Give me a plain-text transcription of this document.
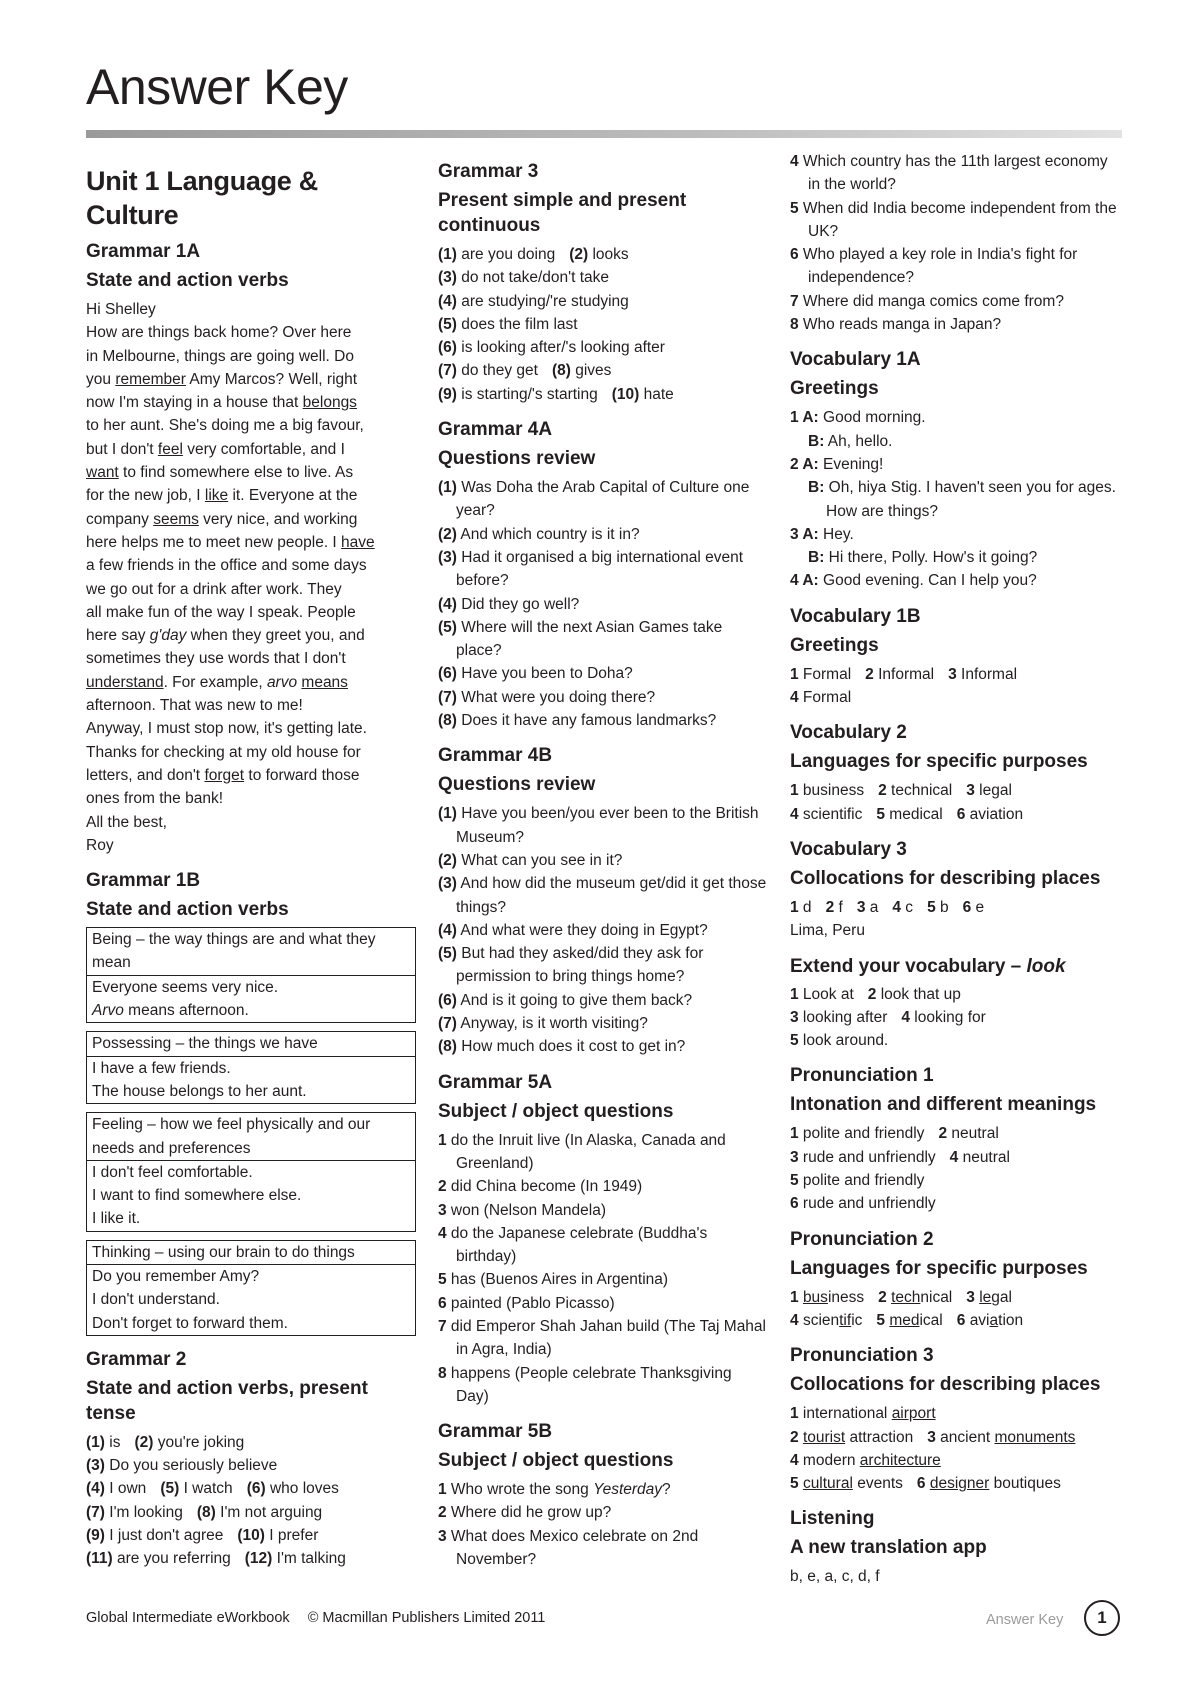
Answer Key
Unit 1 Language & Culture
Grammar 1A
State and action verbs

Hi Shelley

How are things back home? Over here

in Melbourne, things are going well. Do

you remember Amy Marcos? Well, right

now I'm staying in a house that belongs

to her aunt. She's doing me a big favour,

but I don't feel very comfortable, and I

want to find somewhere else to live. As

for the new job, I like it. Everyone at the

company seems very nice, and working

here helps me to meet new people. I have

a few friends in the office and some days

we go out for a drink after work. They

all make fun of the way I speak. People

here say g'day when they greet you, and

sometimes they use words that I don't

understand. For example, arvo means

afternoon. That was new to me!

Anyway, I must stop now, it's getting late.

Thanks for checking at my old house for

letters, and don't forget to forward those

ones from the bank!

All the best,

Roy

Grammar 1B
State and action verbs
Being – the way things are and what they mean
Everyone seems very nice.
Arvo means afternoon.
Possessing – the things we have
I have a few friends.
The house belongs to her aunt.
Feeling – how we feel physically and our needs and preferences
I don't feel comfortable.
I want to find somewhere else.
I like it.
Thinking – using our brain to do things
Do you remember Amy?
I don't understand.
Don't forget to forward them.
Grammar 2
State and action verbs, present tense

(1) is (2) you're joking

(3) Do you seriously believe

(4) I own (5) I watch (6) who loves

(7) I'm looking (8) I'm not arguing

(9) I just don't agree (10) I prefer

(11) are you referring (12) I'm talking

Grammar 3
Present simple and present continuous

(1) are you doing (2) looks

(3) do not take/don't take

(4) are studying/'re studying

(5) does the film last

(6) is looking after/'s looking after

(7) do they get (8) gives

(9) is starting/'s starting (10) hate

Grammar 4A
Questions review

(1) Was Doha the Arab Capital of Culture one year?

(2) And which country is it in?

(3) Had it organised a big international event before?

(4) Did they go well?

(5) Where will the next Asian Games take place?

(6) Have you been to Doha?

(7) What were you doing there?

(8) Does it have any famous landmarks?

Grammar 4B
Questions review

(1) Have you been/you ever been to the British Museum?

(2) What can you see in it?

(3) And how did the museum get/did it get those things?

(4) And what were they doing in Egypt?

(5) But had they asked/did they ask for permission to bring things home?

(6) And is it going to give them back?

(7) Anyway, is it worth visiting?

(8) How much does it cost to get in?

Grammar 5A
Subject / object questions

1 do the Inruit live (In Alaska, Canada and Greenland)

2 did China become (In 1949)

3 won (Nelson Mandela)

4 do the Japanese celebrate (Buddha's birthday)

5 has (Buenos Aires in Argentina)

6 painted (Pablo Picasso)

7 did Emperor Shah Jahan build (The Taj Mahal in Agra, India)

8 happens (People celebrate Thanksgiving Day)

Grammar 5B
Subject / object questions

1 Who wrote the song Yesterday?

2 Where did he grow up?

3 What does Mexico celebrate on 2nd November?

4 Which country has the 11th largest economy in the world?

5 When did India become independent from the UK?

6 Who played a key role in India's fight for independence?

7 Where did manga comics come from?

8 Who reads manga in Japan?

Vocabulary 1A
Greetings

1 A: Good morning.

B: Ah, hello.

2 A: Evening!

B: Oh, hiya Stig. I haven't seen you for ages. How are things?

3 A: Hey.

B: Hi there, Polly. How's it going?

4 A: Good evening. Can I help you?

Vocabulary 1B
Greetings

1 Formal 2 Informal 3 Informal

4 Formal

Vocabulary 2
Languages for specific purposes

1 business 2 technical 3 legal

4 scientific 5 medical 6 aviation

Vocabulary 3
Collocations for describing places

1 d 2 f 3 a 4 c 5 b 6 e

Lima, Peru

Extend your vocabulary – look

1 Look at 2 look that up

3 looking after 4 looking for

5 look around.

Pronunciation 1
Intonation and different meanings

1 polite and friendly 2 neutral

3 rude and unfriendly 4 neutral

5 polite and friendly

6 rude and unfriendly

Pronunciation 2
Languages for specific purposes

1 business 2 technical 3 legal

4 scientific 5 medical 6 aviation

Pronunciation 3
Collocations for describing places

1 international airport

2 tourist attraction 3 ancient monuments

4 modern architecture

5 cultural events 6 designer boutiques

Listening
A new translation app

b, e, a, c, d, f

Global Intermediate eWorkbook © Macmillan Publishers Limited 2011	Answer Key	1
